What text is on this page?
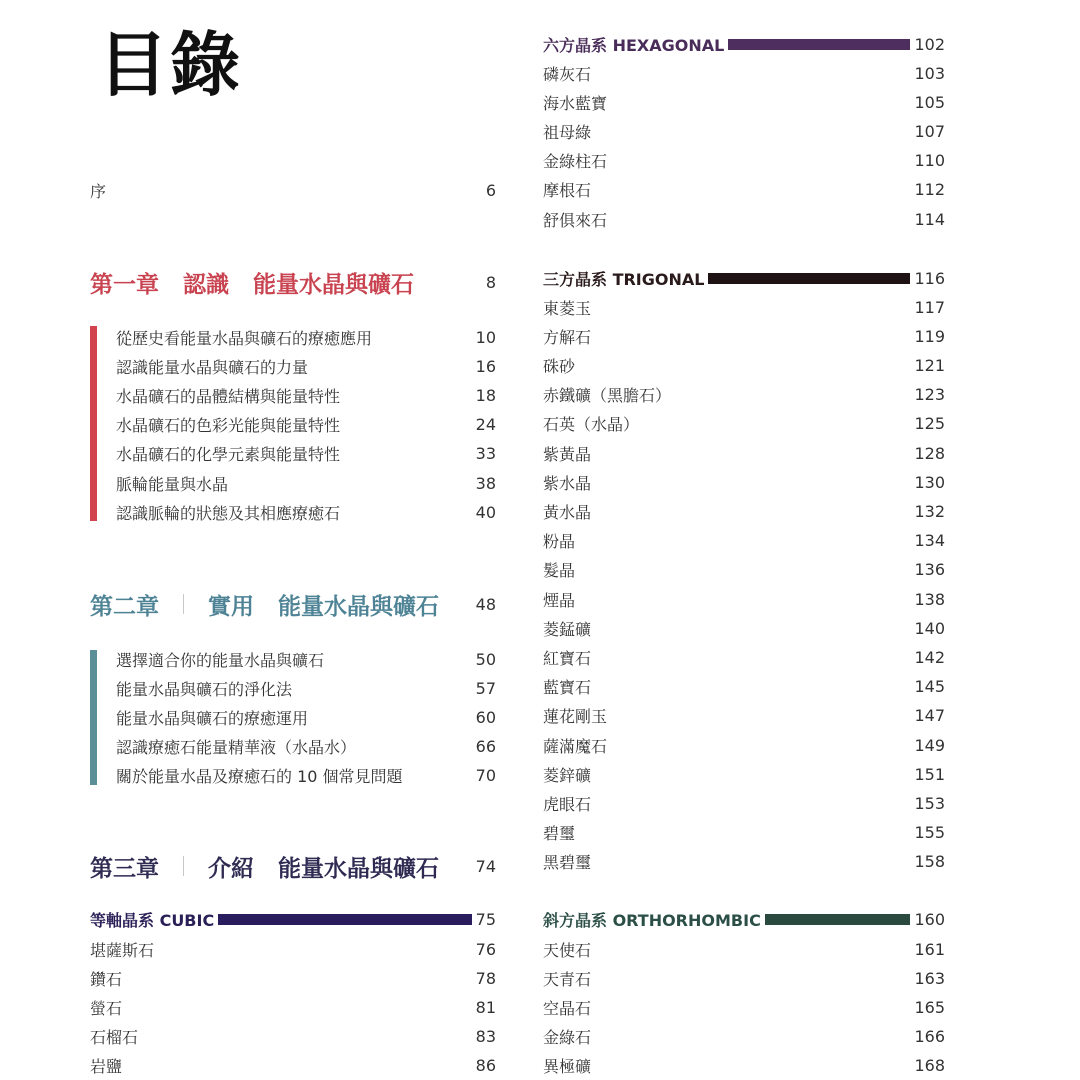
目錄
序	6
第一章 認識 能量水晶與礦石	8
從歷史看能量水晶與礦石的療癒應用	10
認識能量水晶與礦石的力量	16
水晶礦石的晶體結構與能量特性	18
水晶礦石的色彩光能與能量特性	24
水晶礦石的化學元素與能量特性	33
脈輪能量與水晶	38
認識脈輪的狀態及其相應療癒石	40
第二章 實用 能量水晶與礦石 48
選擇適合你的能量水晶與礦石	50
能量水晶與礦石的淨化法	57
能量水晶與礦石的療癒運用	60
認識療癒石能量精華液（水晶水）	66
關於能量水晶及療癒石的 10 個常見問題	70
第三章 介紹 能量水晶與礦石 74
等軸晶系 CUBIC	75
六方晶系 HEXAGONAL	102
三方晶系 TRIGONAL	116
斜方晶系 ORTHORHOMBIC	160
堪薩斯石	76
鑽石	78
螢石	81
石榴石	83
岩鹽	86
磷灰石	103
海水藍寶	105
祖母綠	107
金綠柱石	110
摩根石	112
舒俱來石	114
東菱玉	117
方解石	119
硃砂	121
赤鐵礦（黑膽石）	123
石英（水晶）	125
紫黃晶	128
紫水晶	130
黃水晶	132
粉晶	134
髮晶	136
煙晶	138
菱錳礦	140
紅寶石	142
藍寶石	145
蓮花剛玉	147
薩滿魔石	149
菱鋅礦	151
虎眼石	153
碧璽	155
黑碧璽	158
天使石	161
天青石	163
空晶石	165
金綠石	166
異極礦	168
